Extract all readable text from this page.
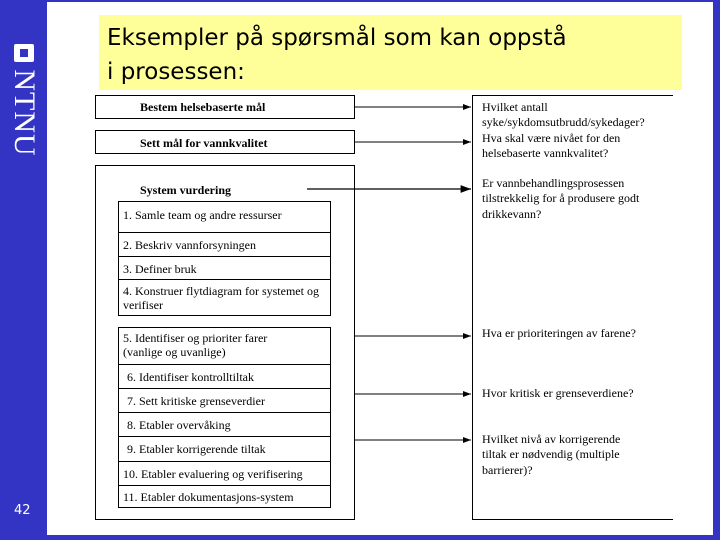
NTNU
42
Eksempler på spørsmål som kan oppstå
i prosessen:
Bestem helsebaserte mål
Sett mål for vannkvalitet
System vurdering
1. Samle team og andre ressurser
2. Beskriv vannforsyningen
3. Definer bruk
4. Konstruer flytdiagram for systemet og verifiser
5. Identifiser og prioriter farer (vanlige og uvanlige)
6. Identifiser kontrolltiltak
7. Sett kritiske grenseverdier
8. Etabler overvåking
9. Etabler korrigerende tiltak
10. Etabler evaluering og verifisering
11. Etabler dokumentasjons-system
Hvilket antall
syke/sykdomsutbrudd/sykedager?
Hva skal være nivået for den
helsebaserte vannkvalitet?
Er vannbehandlingsprosessen
tilstrekkelig for å produsere godt
drikkevann?
Hva er prioriteringen av farene?
Hvor kritisk er grenseverdiene?
Hvilket nivå av korrigerende
tiltak er nødvendig (multiple
barrierer)?
